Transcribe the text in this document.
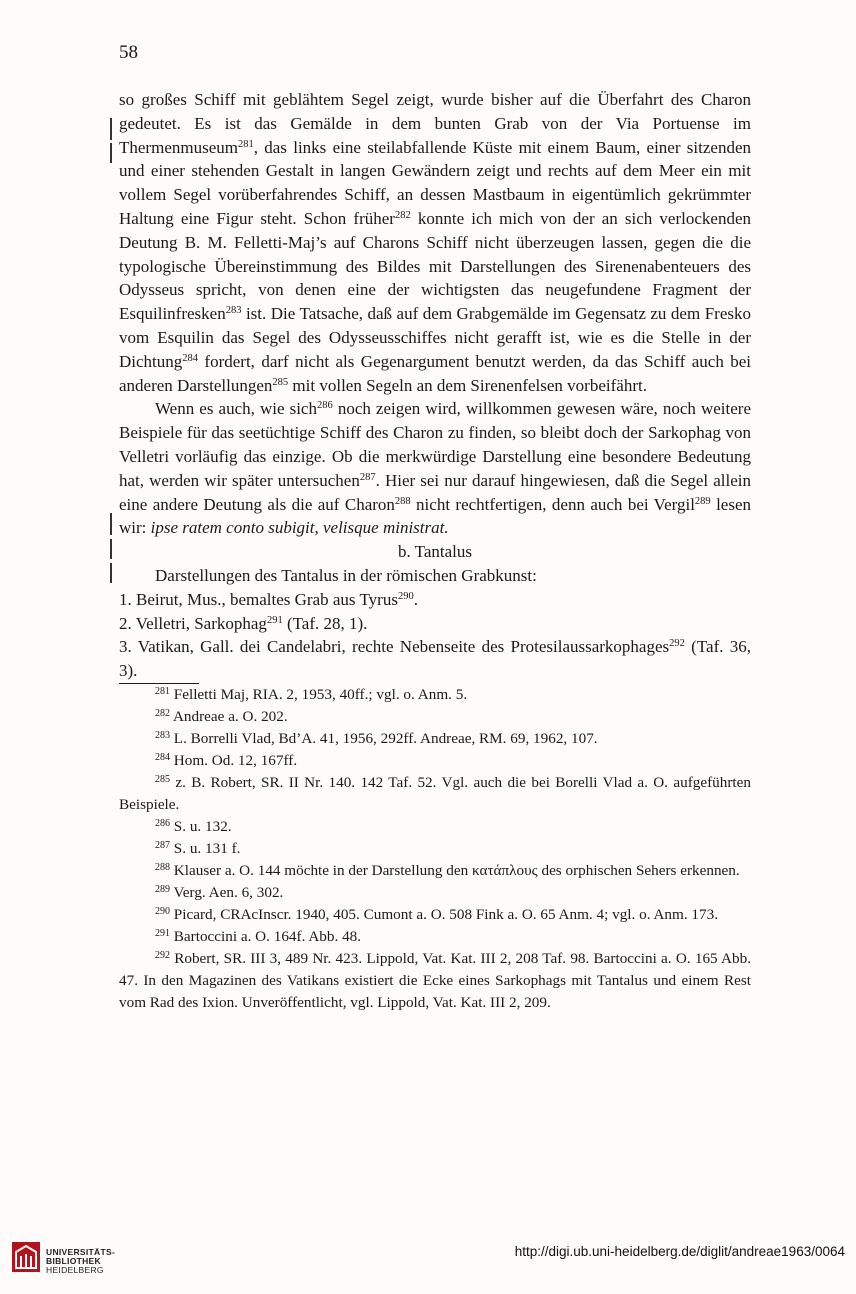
58

so großes Schiff mit geblähtem Segel zeigt, wurde bisher auf die Überfahrt des Charon gedeutet. Es ist das Gemälde in dem bunten Grab von der Via Portuense im Thermenmuseum$^{281}$, das links eine steilabfallende Küste mit einem Baum, einer sitzenden und einer stehenden Gestalt in langen Gewändern zeigt und rechts auf dem Meer ein mit vollem Segel vorüberfahrendes Schiff, an dessen Mastbaum in eigentümlich gekrümmter Haltung eine Figur steht. Schon früher$^{282}$ konnte ich mich von der an sich verlockenden Deutung B. M. Felletti-Maj’s auf Charons Schiff nicht überzeugen lassen, gegen die die typologische Übereinstimmung des Bildes mit Darstellungen des Sirenenabenteuers des Odysseus spricht, von denen eine der wichtigsten das neugefundene Fragment der Esquilinfresken$^{283}$ ist. Die Tatsache, daß auf dem Grabgemälde im Gegensatz zu dem Fresko vom Esquilin das Segel des Odysseusschiffes nicht gerafft ist, wie es die Stelle in der Dichtung$^{284}$ fordert, darf nicht als Gegenargument benutzt werden, da das Schiff auch bei anderen Darstellungen$^{285}$ mit vollen Segeln an dem Sirenenfelsen vorbeifährt.

Wenn es auch, wie sich$^{286}$ noch zeigen wird, willkommen gewesen wäre, noch weitere Beispiele für das seetüchtige Schiff des Charon zu finden, so bleibt doch der Sarkophag von Velletri vorläufig das einzige. Ob die merkwürdige Darstellung eine besondere Bedeutung hat, werden wir später untersuchen$^{287}$. Hier sei nur darauf hingewiesen, daß die Segel allein eine andere Deutung als die auf Charon$^{288}$ nicht rechtfertigen, denn auch bei Vergil$^{289}$ lesen wir: ipse ratem conto subigit, velisque ministrat.

b. Tantalus

Darstellungen des Tantalus in der römischen Grabkunst:

1. Beirut, Mus., bemaltes Grab aus Tyrus$^{290}$.

2. Velletri, Sarkophag$^{291}$ (Taf. 28, 1).

3. Vatikan, Gall. dei Candelabri, rechte Nebenseite des Protesilaussarkophages$^{292}$ (Taf. 36, 3).

$^{281}$ Felletti Maj, RIA. 2, 1953, 40ff.; vgl. o. Anm. 5.

$^{282}$ Andreae a. O. 202.

$^{283}$ L. Borrelli Vlad, Bd’A. 41, 1956, 292ff. Andreae, RM. 69, 1962, 107.

$^{284}$ Hom. Od. 12, 167ff.

$^{285}$ z. B. Robert, SR. II Nr. 140. 142 Taf. 52. Vgl. auch die bei Borelli Vlad a. O. aufgeführten Beispiele.

$^{286}$ S. u. 132.

$^{287}$ S. u. 131 f.

$^{288}$ Klauser a. O. 144 möchte in der Darstellung den κατάπλους des orphischen Sehers erkennen.

$^{289}$ Verg. Aen. 6, 302.

$^{290}$ Picard, CRAcInscr. 1940, 405. Cumont a. O. 508 Fink a. O. 65 Anm. 4; vgl. o. Anm. 173.

$^{291}$ Bartoccini a. O. 164f. Abb. 48.

$^{292}$ Robert, SR. III 3, 489 Nr. 423. Lippold, Vat. Kat. III 2, 208 Taf. 98. Bartoccini a. O. 165 Abb. 47. In den Magazinen des Vatikans existiert die Ecke eines Sarkophags mit Tantalus und einem Rest vom Rad des Ixion. Unveröffentlicht, vgl. Lippold, Vat. Kat. III 2, 209.

UNIVERSITÄTS-
BIBLIOTHEK
HEIDELBERG
http://digi.ub.uni-heidelberg.de/diglit/andreae1963/0064
